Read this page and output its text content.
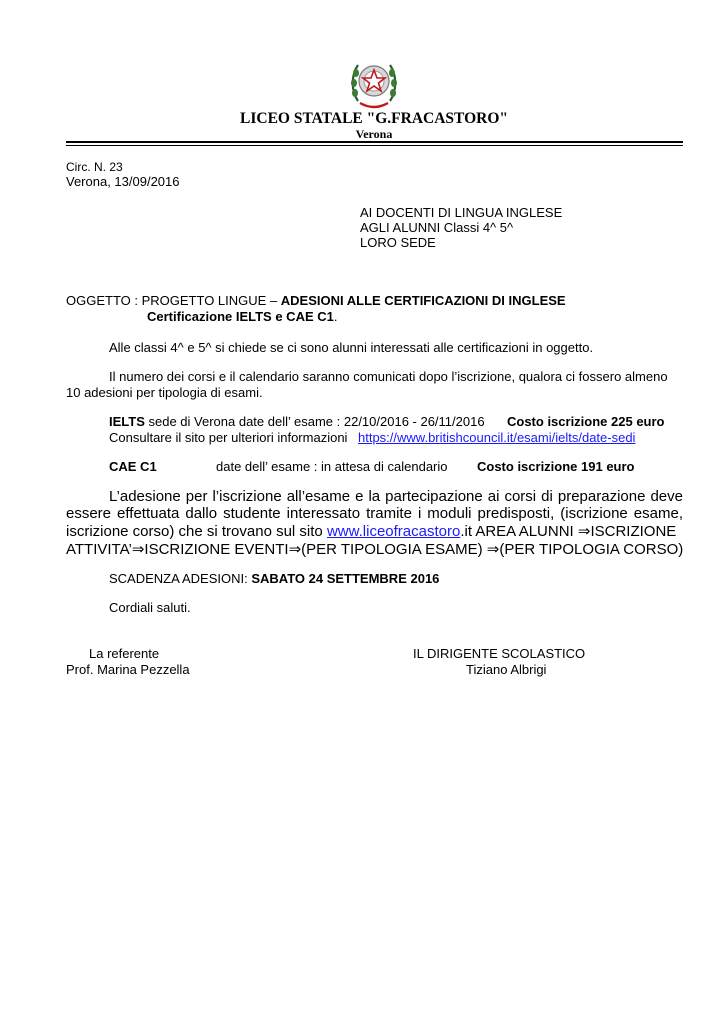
LICEO STATALE "G.FRACASTORO"
Verona
Circ. N. 23
Verona, 13/09/2016
AI DOCENTI DI LINGUA INGLESE
AGLI ALUNNI Classi 4^ 5^
LORO SEDE
OGGETTO : PROGETTO LINGUE – ADESIONI ALLE CERTIFICAZIONI DI INGLESE
Certificazione IELTS e CAE C1.
Alle classi 4^ e 5^ si chiede se ci sono alunni interessati alle certificazioni in oggetto.
Il numero dei corsi e il calendario saranno comunicati dopo l’iscrizione, qualora ci fossero almeno
10 adesioni per tipologia di esami.
IELTS sede di Verona date dell’ esame : 22/10/2016 - 26/11/2016 Costo iscrizione 225 euro
Consultare il sito per ulteriori informazioni https://www.britishcouncil.it/esami/ielts/date-sedi
CAE C1	date dell’ esame : in attesa di calendario Costo iscrizione 191 euro
L’adesione per l’iscrizione all’esame e la partecipazione ai corsi di preparazione deve
essere effettuata dallo studente interessato tramite i moduli predisposti, (iscrizione esame,
iscrizione corso) che si trovano sul sito www.liceofracastoro.it AREA ALUNNI ⇒ISCRIZIONE
ATTIVITA’⇒ISCRIZIONE EVENTI⇒(PER TIPOLOGIA ESAME) ⇒(PER TIPOLOGIA CORSO)
SCADENZA ADESIONI: SABATO 24 SETTEMBRE 2016
Cordiali saluti.
La referente
Prof. Marina Pezzella
IL DIRIGENTE SCOLASTICO
Tiziano Albrigi
